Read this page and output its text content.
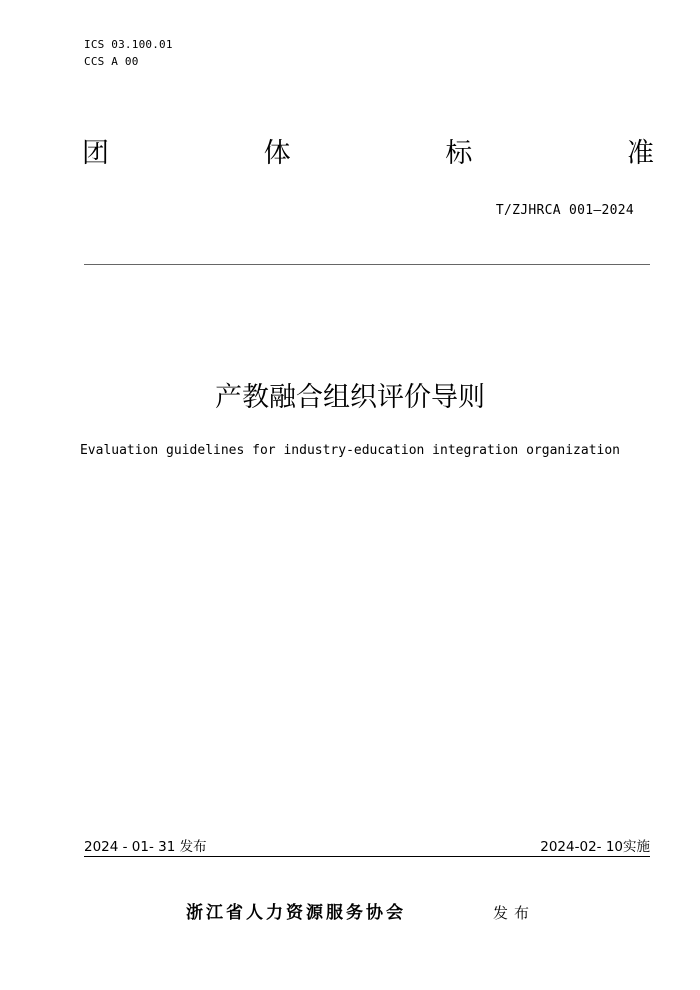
ICS 03.100.01
CCS A 00
团	体	标	准
T/ZJHRCA 001—2024
产教融合组织评价导则
Evaluation guidelines for industry-education integration organization
2024 - 01- 31 发布	2024-02- 10实施
浙江省人力资源服务协会	发布
